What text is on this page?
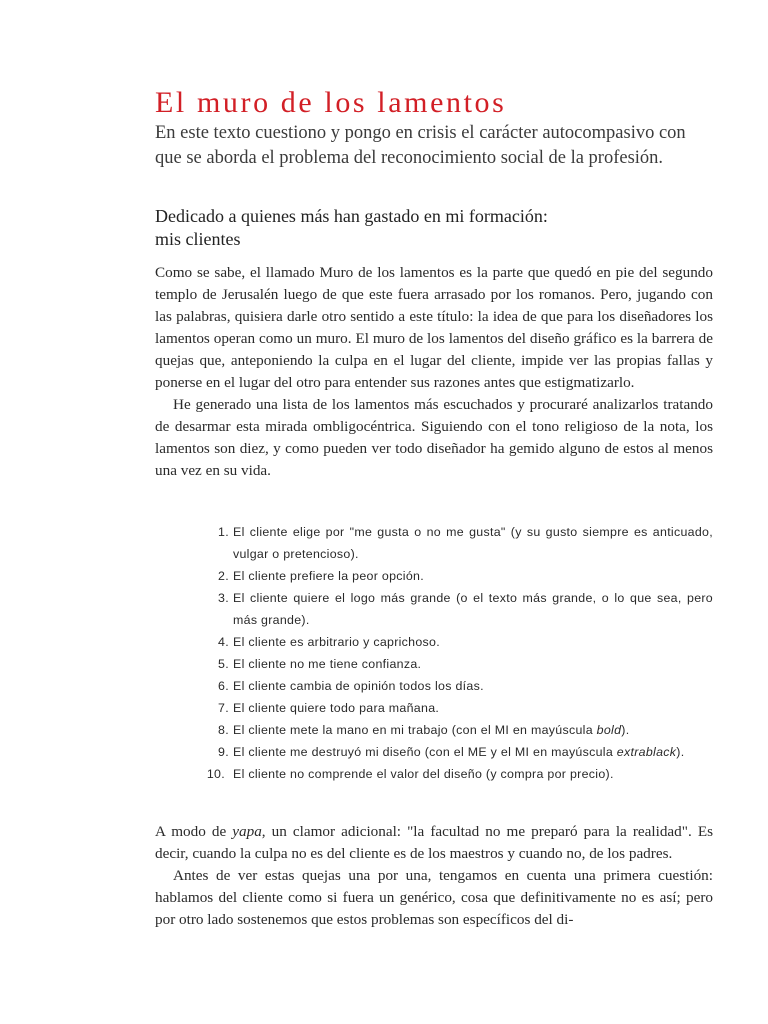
El muro de los lamentos

En este texto cuestiono y pongo en crisis el carácter autocompasivo con que se aborda el problema del reconocimiento social de la profesión.

Dedicado a quienes más han gastado en mi formación:
mis clientes

Como se sabe, el llamado Muro de los lamentos es la parte que quedó en pie del segundo templo de Jerusalén luego de que este fuera arrasado por los romanos. Pero, jugando con las palabras, quisiera darle otro sentido a este título: la idea de que para los diseñadores los lamentos operan como un muro. El muro de los lamentos del diseño gráfico es la barrera de quejas que, anteponiendo la culpa en el lugar del cliente, impide ver las propias fallas y ponerse en el lugar del otro para entender sus razones antes que estigmatizarlo.

He generado una lista de los lamentos más escuchados y procuraré analizarlos tratando de desarmar esta mirada ombligocéntrica. Siguiendo con el tono religioso de la nota, los lamentos son diez, y como pueden ver todo diseñador ha gemido alguno de estos al menos una vez en su vida.

1 . El cliente elige por "me gusta o no me gusta" (y su gusto siempre es anticuado, vulgar o pretencioso).
2 . El cliente prefiere la peor opción.
3 . El cliente quiere el logo más grande (o el texto más grande, o lo que sea, pero más grande).
4 . El cliente es arbitrario y caprichoso.
5 . El cliente no me tiene confianza.
6 . El cliente cambia de opinión todos los días.
7 . El cliente quiere todo para mañana.
8 . El cliente mete la mano en mi trabajo (con el MI en mayúscula bold).
9 . El cliente me destruyó mi diseño (con el ME y el MI en mayúscula extrablack).
10 . El cliente no comprende el valor del diseño (y compra por precio).

A modo de yapa, un clamor adicional: "la facultad no me preparó para la realidad". Es decir, cuando la culpa no es del cliente es de los maestros y cuando no, de los padres.

Antes de ver estas quejas una por una, tengamos en cuenta una primera cuestión: hablamos del cliente como si fuera un genérico, cosa que definitivamente no es así; pero por otro lado sostenemos que estos problemas son específicos del di-
